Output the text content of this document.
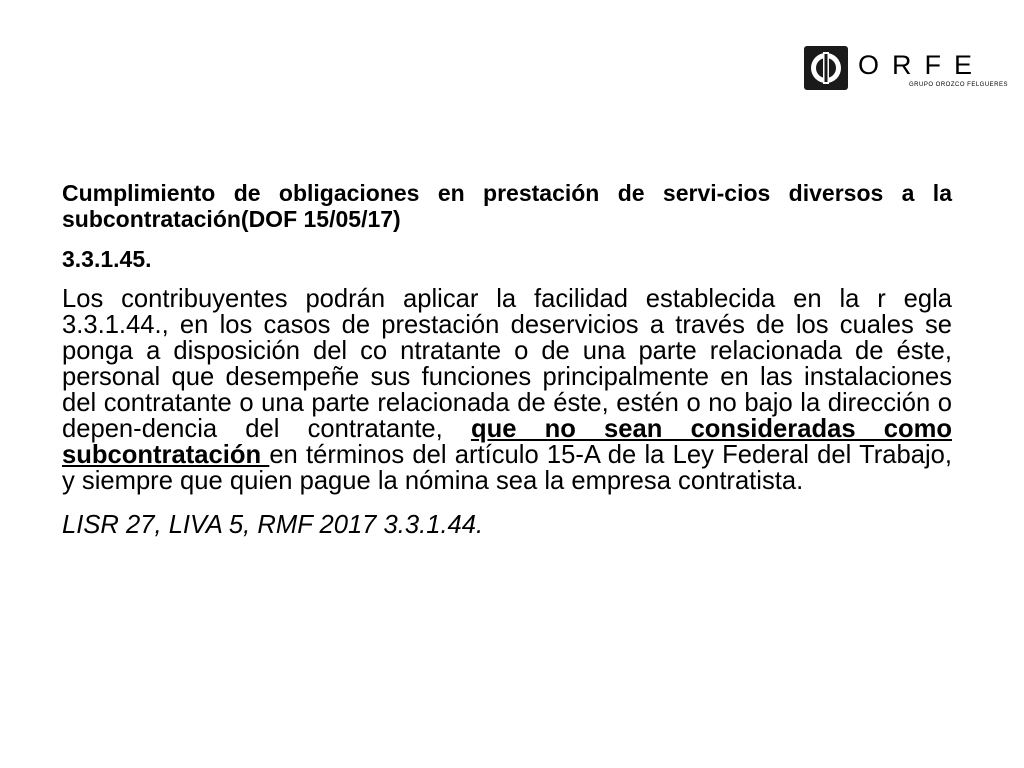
ORFE
GRUPO OROZCO FELGUERES

Cumplimiento de obligaciones en prestación de servi-cios diversos a la subcontratación(DOF 15/05/17)

3.3.1.45.

Los contribuyentes podrán aplicar la facilidad establecida en la r egla 3.3.1.44., en los casos de prestación deservicios a través de los cuales se ponga a disposición del co ntratante o de una parte relacionada de éste, personal que desempeñe sus funciones principalmente en las instalaciones del contratante o una parte relacionada de éste, estén o no bajo la dirección o depen-dencia del contratante, que no sean consideradas como subcontratación en términos del artículo 15-A de la Ley Federal del Trabajo, y siempre que quien pague la nómina sea la empresa contratista.

LISR 27, LIVA 5, RMF 2017 3.3.1.44.
